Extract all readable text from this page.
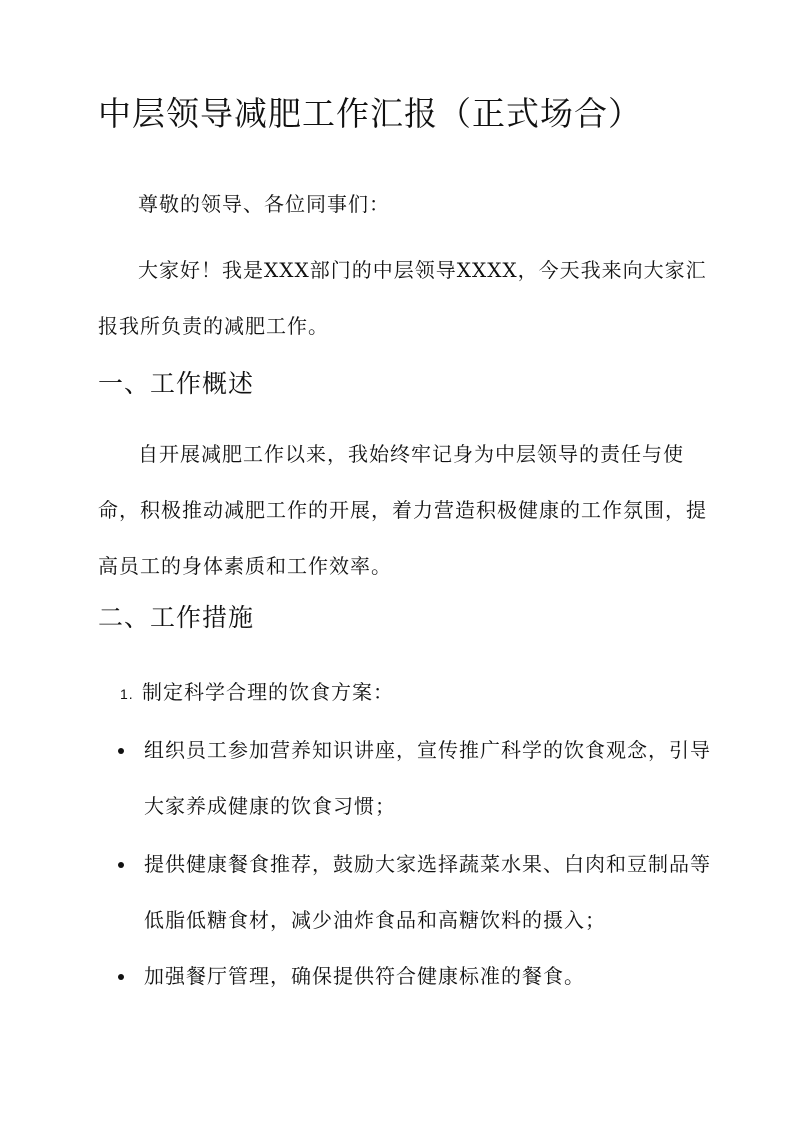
中层领导减肥工作汇报（正式场合）

尊敬的领导、各位同事们：

大家好！我是XXX部门的中层领导XXXX，今天我来向大家汇报我所负责的减肥工作。

一、工作概述

自开展减肥工作以来，我始终牢记身为中层领导的责任与使命，积极推动减肥工作的开展，着力营造积极健康的工作氛围，提高员工的身体素质和工作效率。

二、工作措施
1. 制定科学合理的饮食方案：
组织员工参加营养知识讲座，宣传推广科学的饮食观念，引导大家养成健康的饮食习惯；
提供健康餐食推荐，鼓励大家选择蔬菜水果、白肉和豆制品等低脂低糖食材，减少油炸食品和高糖饮料的摄入；
加强餐厅管理，确保提供符合健康标准的餐食。
